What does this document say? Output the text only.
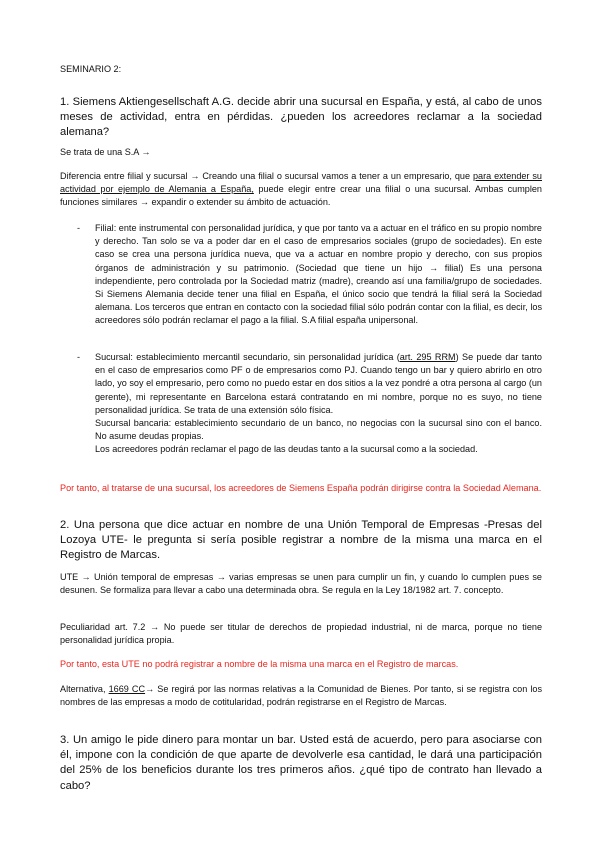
SEMINARIO 2:
1. Siemens Aktiengesellschaft A.G. decide abrir una sucursal en España, y está, al cabo de unos meses de actividad, entra en pérdidas. ¿pueden los acreedores reclamar a la sociedad alemana?
Se trata de una S.A →
Diferencia entre filial y sucursal → Creando una filial o sucursal vamos a tener a un empresario, que para extender su actividad por ejemplo de Alemania a España, puede elegir entre crear una filial o una sucursal. Ambas cumplen funciones similares → expandir o extender su ámbito de actuación.
- Filial: ente instrumental con personalidad jurídica, y que por tanto va a actuar en el tráfico en su propio nombre y derecho. Tan solo se va a poder dar en el caso de empresarios sociales (grupo de sociedades). En este caso se crea una persona jurídica nueva, que va a actuar en nombre propio y derecho, con sus propios órganos de administración y su patrimonio. (Sociedad que tiene un hijo → filial) Es una persona independiente, pero controlada por la Sociedad matriz (madre), creando así una familia/grupo de sociedades. Si Siemens Alemania decide tener una filial en España, el único socio que tendrá la filial será la Sociedad alemana. Los terceros que entran en contacto con la sociedad filial sólo podrán contar con la filial, es decir, los acreedores sólo podrán reclamar el pago a la filial. S.A filial españa unipersonal.
- Sucursal: establecimiento mercantil secundario, sin personalidad jurídica (art. 295 RRM) Se puede dar tanto en el caso de empresarios como PF o de empresarios como PJ. Cuando tengo un bar y quiero abrirlo en otro lado, yo soy el empresario, pero como no puedo estar en dos sitios a la vez pondré a otra persona al cargo (un gerente), mi representante en Barcelona estará contratando en mi nombre, porque no es suyo, no tiene personalidad jurídica. Se trata de una extensión sólo física.

Sucursal bancaria: establecimiento secundario de un banco, no negocias con la sucursal sino con el banco. No asume deudas propias.

Los acreedores podrán reclamar el pago de las deudas tanto a la sucursal como a la sociedad.

Por tanto, al tratarse de una sucursal, los acreedores de Siemens España podrán dirigirse contra la Sociedad Alemana.
2. Una persona que dice actuar en nombre de una Unión Temporal de Empresas -Presas del Lozoya UTE- le pregunta si sería posible registrar a nombre de la misma una marca en el Registro de Marcas.
UTE → Unión temporal de empresas → varias empresas se unen para cumplir un fin, y cuando lo cumplen pues se desunen. Se formaliza para llevar a cabo una determinada obra. Se regula en la Ley 18/1982 art. 7. concepto.
Peculiaridad art. 7.2 → No puede ser titular de derechos de propiedad industrial, ni de marca, porque no tiene personalidad jurídica propia.
Por tanto, esta UTE no podrá registrar a nombre de la misma una marca en el Registro de marcas.
Alternativa, 1669 CC→ Se regirá por las normas relativas a la Comunidad de Bienes. Por tanto, si se registra con los nombres de las empresas a modo de cotitularidad, podrán registrarse en el Registro de Marcas.
3. Un amigo le pide dinero para montar un bar. Usted está de acuerdo, pero para asociarse con él, impone con la condición de que aparte de devolverle esa cantidad, le dará una participación del 25% de los beneficios durante los tres primeros años. ¿qué tipo de contrato han llevado a cabo?
